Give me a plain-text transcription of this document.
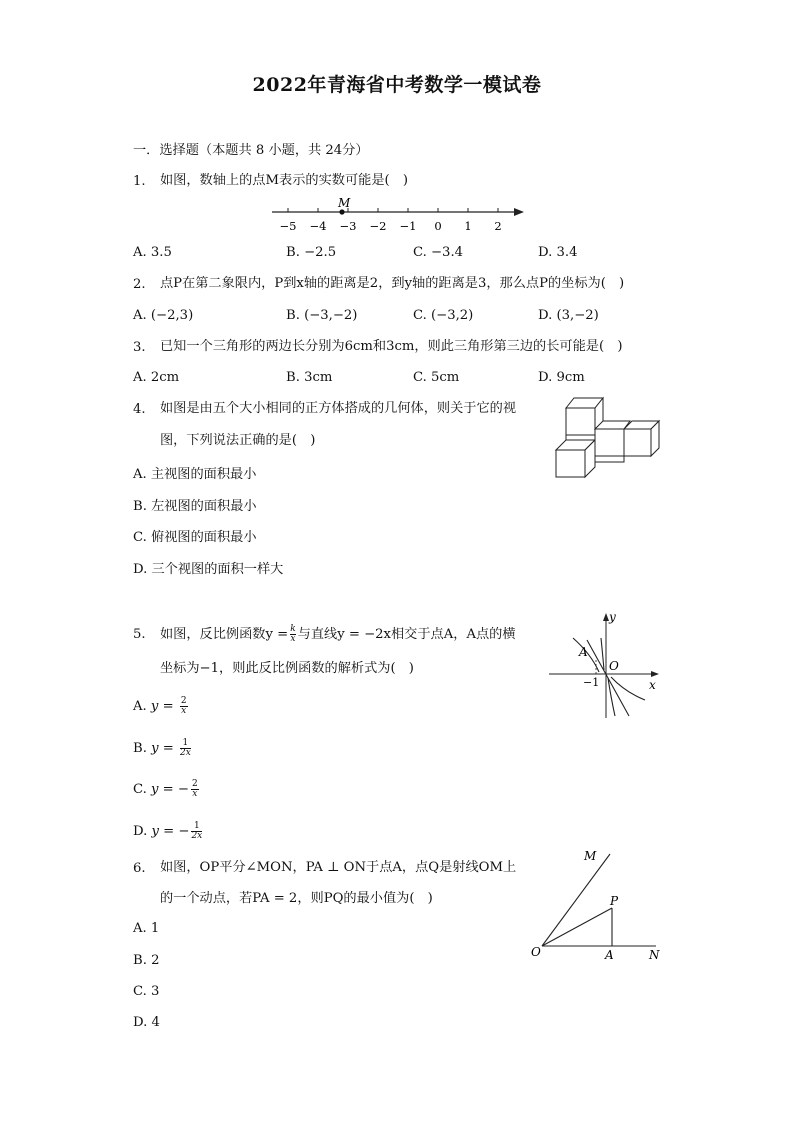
2022年青海省中考数学一模试卷
一．选择题（本题共 8 小题，共 24分）
1. 如图，数轴上的点M表示的实数可能是(　)
−5 −4 −3 −2 −1 0 1 2
M
A. 3.5	B. −2.5	C. −3.4	D. 3.4
2. 点P在第二象限内，P到x轴的距离是2，到y轴的距离是3，那么点P的坐标为(　)
A. (−2,3)	B. (−3,−2)	C. (−3,2)	D. (3,−2)
3. 已知一个三角形的两边长分别为6cm和3cm，则此三角形第三边的长可能是(　)
A. 2cm	B. 3cm	C. 5cm	D. 9cm
4. 如图是由五个大小相同的正方体搭成的几何体，则关于它的视
图，下列说法正确的是(　)
A. 主视图的面积最小
B. 左视图的面积最小
C. 俯视图的面积最小
D. 三个视图的面积一样大
5. 如图，反比例函数$y = \frac{k}{x}$ 与直线y = −2x相交于点A，A点的横
坐标为−1，则此反比例函数的解析式为(　)
y
x
O
A
−1
A. $y = \frac{2}{x}$
B. $y = \frac{1}{2x}$
C. y = − $\frac{2}{x}$
D. y = − $\frac{1}{2x}$
6. 如图，OP平分∠MON，PA ⊥ ON于点A，点Q是射线OM上
的一个动点，若PA = 2，则PQ的最小值为(　)
M
P
O	A	N
A. 1
B. 2
C. 3
D. 4
